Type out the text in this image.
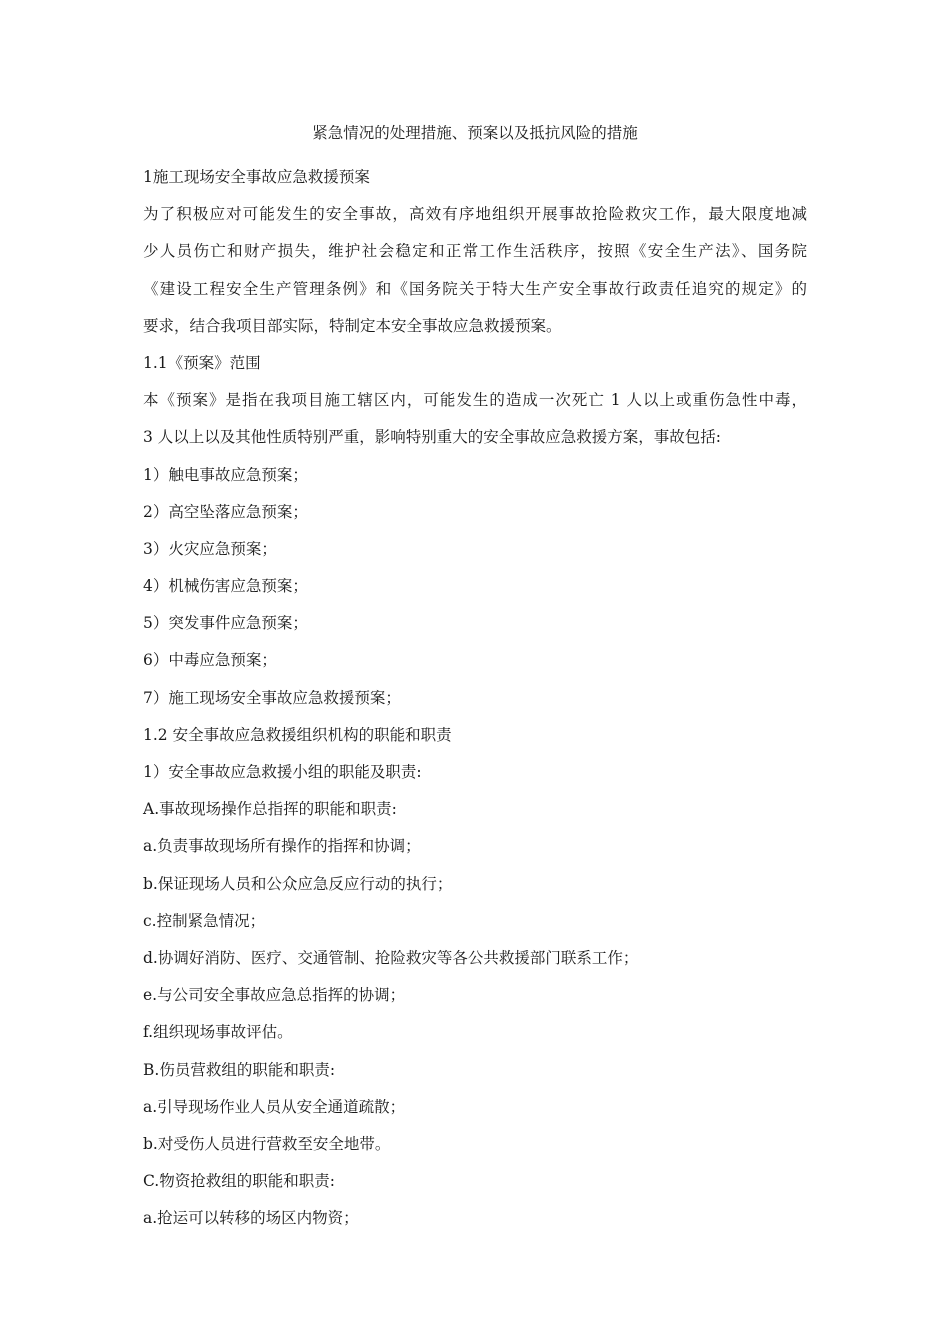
紧急情况的处理措施、预案以及抵抗风险的措施
1施工现场安全事故应急救援预案
为了积极应对可能发生的安全事故，高效有序地组织开展事故抢险救灾工作，最大限度地减
少人员伤亡和财产损失，维护社会稳定和正常工作生活秩序，按照《安全生产法》、国务院
《建设工程安全生产管理条例》和《国务院关于特大生产安全事故行政责任追究的规定》的
要求，结合我项目部实际，特制定本安全事故应急救援预案。
1.1《预案》范围
本《预案》是指在我项目施工辖区内，可能发生的造成一次死亡 1 人以上或重伤急性中毒，
3 人以上以及其他性质特别严重，影响特别重大的安全事故应急救援方案，事故包括:
1）触电事故应急预案；
2）高空坠落应急预案；
3）火灾应急预案；
4）机械伤害应急预案；
5）突发事件应急预案；
6）中毒应急预案；
7）施工现场安全事故应急救援预案；
1.2 安全事故应急救援组织机构的职能和职责
1）安全事故应急救援小组的职能及职责:
A.事故现场操作总指挥的职能和职责:
a.负责事故现场所有操作的指挥和协调；
b.保证现场人员和公众应急反应行动的执行；
c.控制紧急情况；
d.协调好消防、医疗、交通管制、抢险救灾等各公共救援部门联系工作；
e.与公司安全事故应急总指挥的协调；
f.组织现场事故评估。
B.伤员营救组的职能和职责:
a.引导现场作业人员从安全通道疏散；
b.对受伤人员进行营救至安全地带。
C.物资抢救组的职能和职责:
a.抢运可以转移的场区内物资；
